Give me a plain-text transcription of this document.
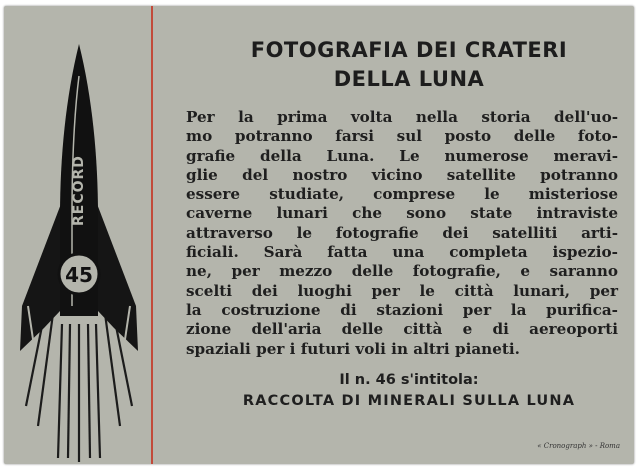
45
RECORD
FOTOGRAFIA DEI CRATERI
DELLA LUNA
Per la prima volta nella storia dell'uo-
mo potranno farsi sul posto delle foto-
grafie della Luna. Le numerose meravi-
glie del nostro vicino satellite potranno
essere studiate, comprese le misteriose
caverne lunari che sono state intraviste
attraverso le fotografie dei satelliti arti-
ficiali. Sarà fatta una completa ispezio-
ne, per mezzo delle fotografie, e saranno
scelti dei luoghi per le città lunari, per
la costruzione di stazioni per la purifica-
zione dell'aria delle città e di aereoporti
spaziali per i futuri voli in altri pianeti.
Il n. 46 s'intitola:
RACCOLTA DI MINERALI SULLA LUNA
« Cronograph » - Roma
